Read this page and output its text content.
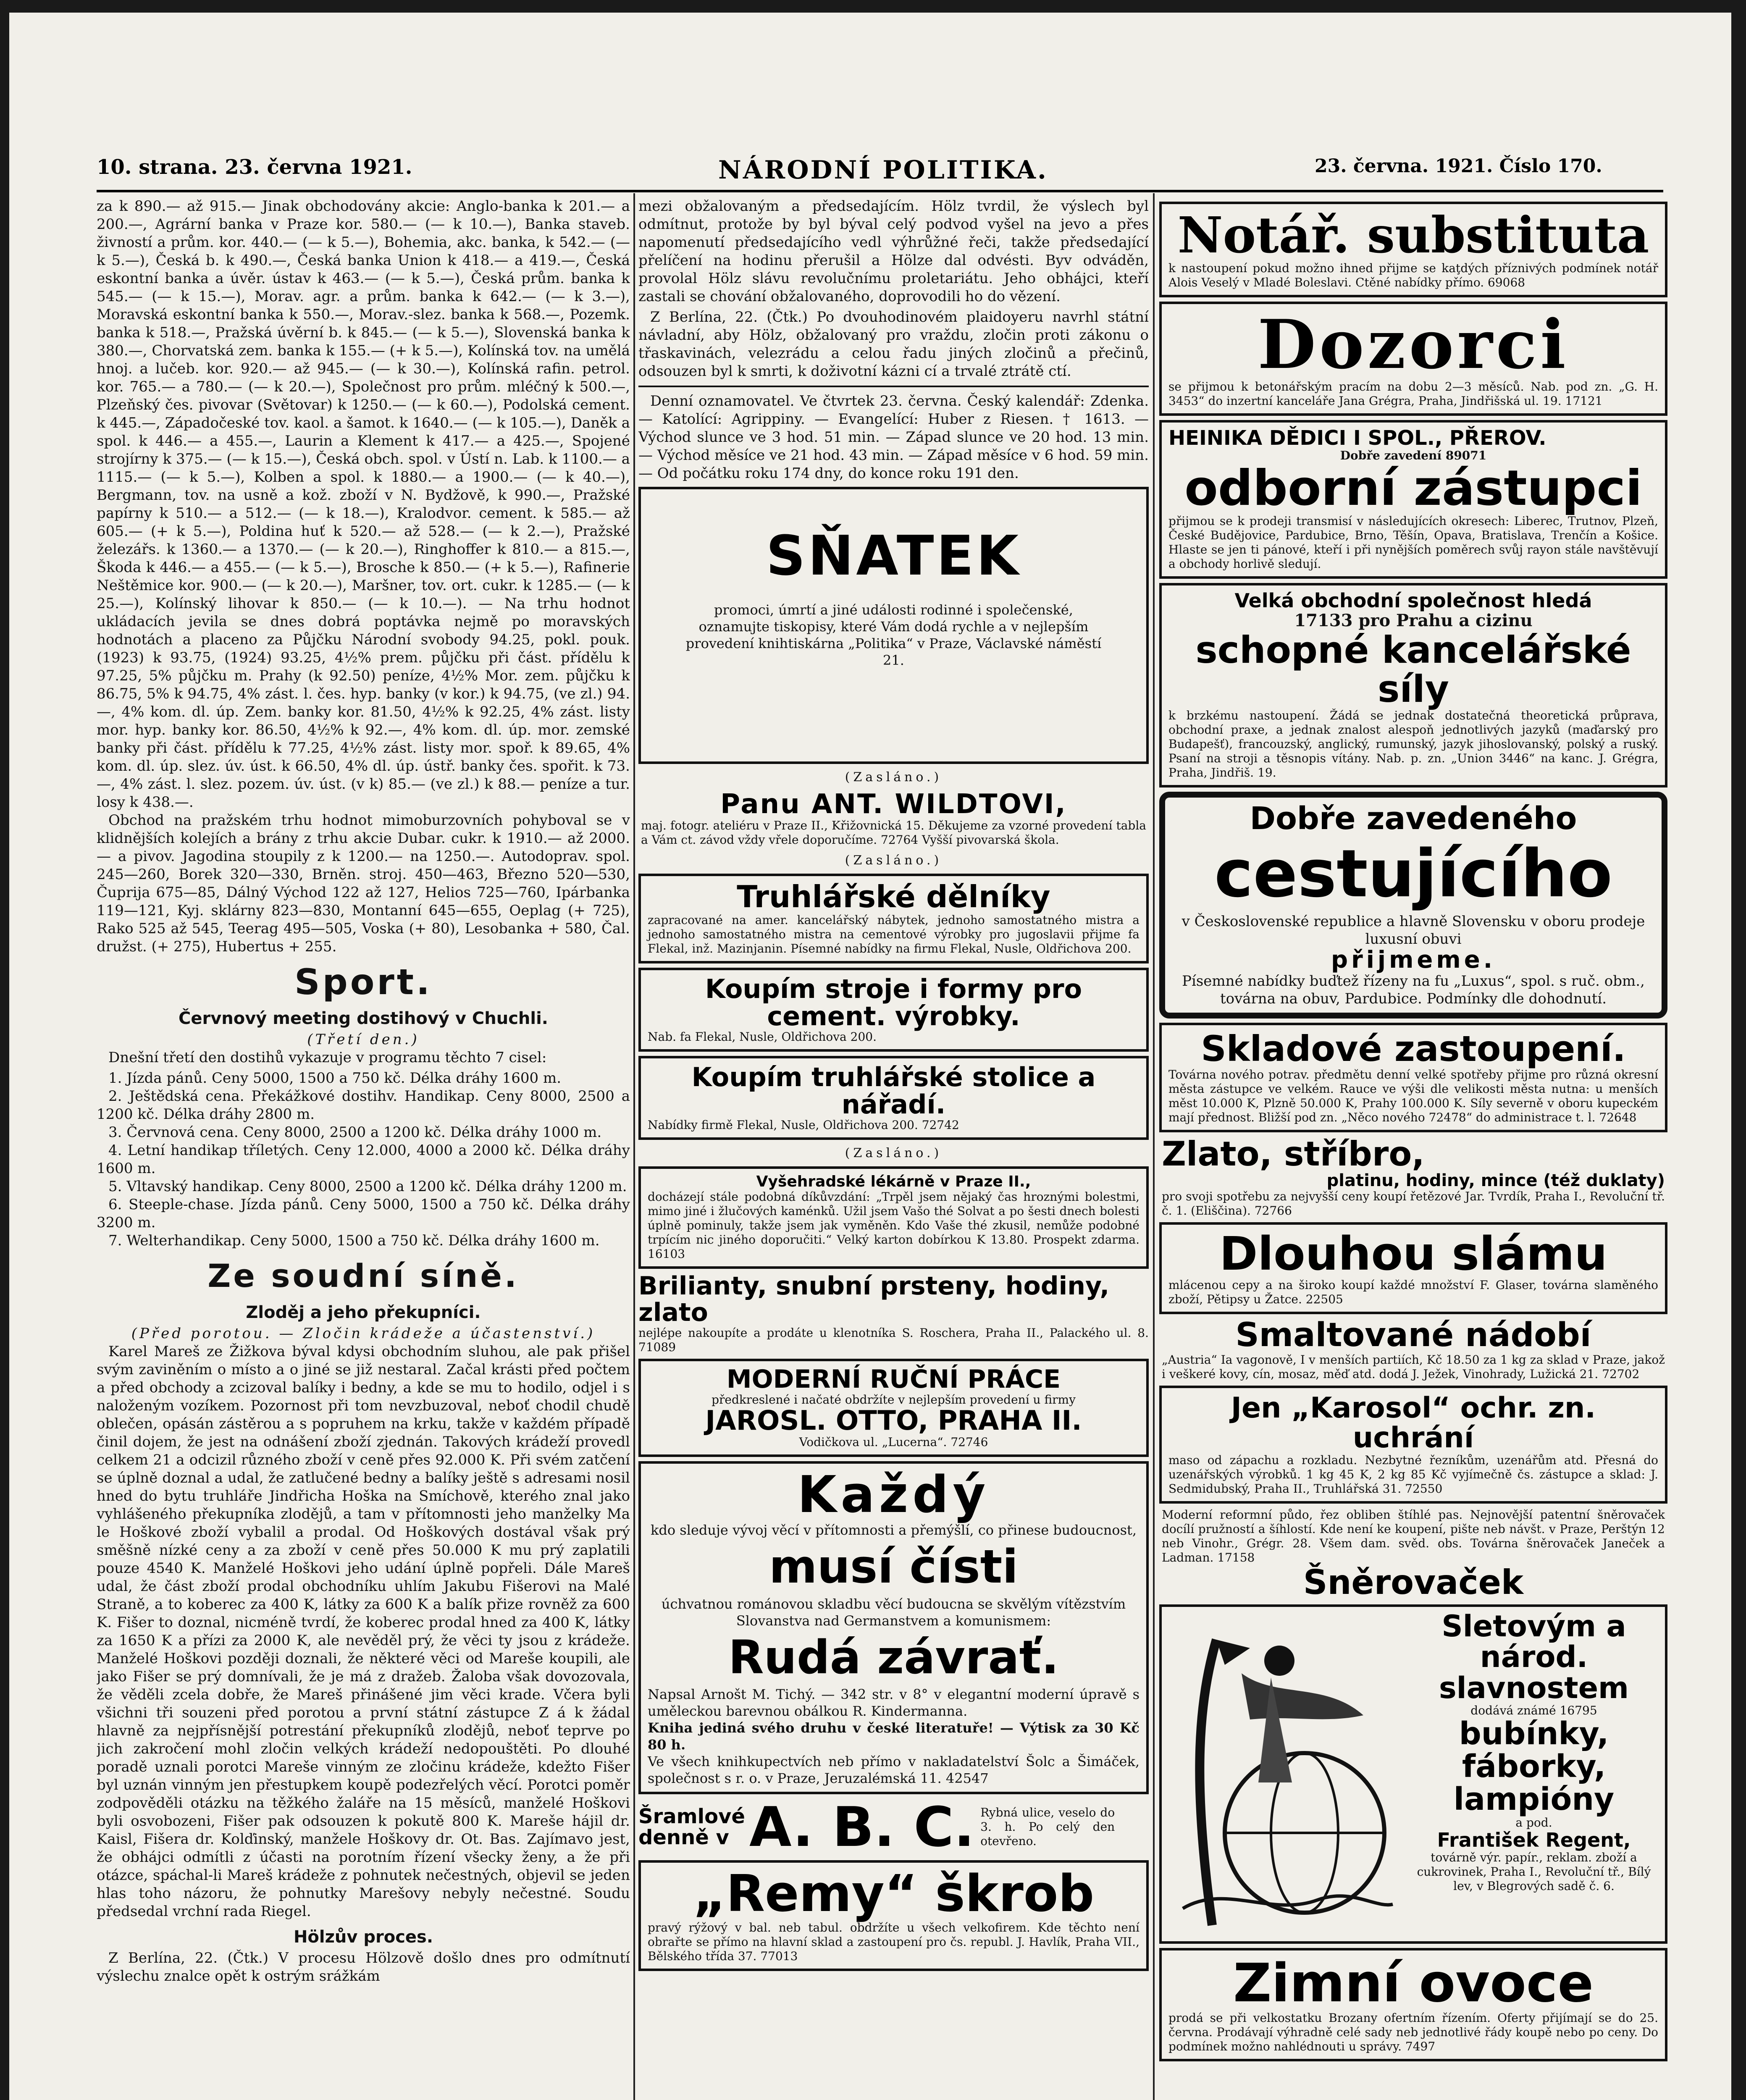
10. strana. 23. června 1921.	NÁRODNÍ POLITIKA.	23. června. 1921. Číslo 170.

za k 890.— až 915.— Jinak obchodovány akcie: Anglo-banka k 201.— a 200.—, Agrární banka v Praze kor. 580.— (— k 10.—), Banka staveb. živností a prům. kor. 440.— (— k 5.—), Bohemia, akc. banka, k 542.— (— k 5.—), Česká b. k 490.—, Česká banka Union k 418.— a 419.—, Česká eskontní banka a úvěr. ústav k 463.— (— k 5.—), Česká prům. banka k 545.— (— k 15.—), Morav. agr. a prům. banka k 642.— (— k 3.—), Moravská eskontní banka k 550.—, Morav.-slez. banka k 568.—, Pozemk. banka k 518.—, Pražská úvěrní b. k 845.— (— k 5.—), Slovenská banka k 380.—, Chorvatská zem. banka k 155.— (+ k 5.—), Kolínská tov. na umělá hnoj. a lučeb. kor. 920.— až 945.— (— k 30.—), Kolínská rafin. petrol. kor. 765.— a 780.— (— k 20.—), Společnost pro prům. mléčný k 500.—, Plzeňský čes. pivovar (Světovar) k 1250.— (— k 60.—), Podolská cement. k 445.—, Západočeské tov. kaol. a šamot. k 1640.— (— k 105.—), Daněk a spol. k 446.— a 455.—, Laurin a Klement k 417.— a 425.—, Spojené strojírny k 375.— (— k 15.—), Česká obch. spol. v Ústí n. Lab. k 1100.— a 1115.— (— k 5.—), Kolben a spol. k 1880.— a 1900.— (— k 40.—), Bergmann, tov. na usně a kož. zboží v N. Bydžově, k 990.—, Pražské papírny k 510.— a 512.— (— k 18.—), Kralodvor. cement. k 585.— až 605.— (+ k 5.—), Poldina huť k 520.— až 528.— (— k 2.—), Pražské železářs. k 1360.— a 1370.— (— k 20.—), Ringhoffer k 810.— a 815.—, Škoda k 446.— a 455.— (— k 5.—), Brosche k 850.— (+ k 5.—), Rafinerie Neštěmice kor. 900.— (— k 20.—), Maršner, tov. ort. cukr. k 1285.— (— k 25.—), Kolínský lihovar k 850.— (— k 10.—). — Na trhu hodnot ukládacích jevila se dnes dobrá poptávka nejmě po moravských hodnotách a placeno za Půjčku Národní svobody 94.25, pokl. pouk. (1923) k 93.75, (1924) 93.25, 4½% prem. půjčku při část. přídělu k 97.25, 5% půjčku m. Prahy (k 92.50) peníze, 4½% Mor. zem. půjčku k 86.75, 5% k 94.75, 4% zást. l. čes. hyp. banky (v kor.) k 94.75, (ve zl.) 94.—, 4% kom. dl. úp. Zem. banky kor. 81.50, 4½% k 92.25, 4% zást. listy mor. hyp. banky kor. 86.50, 4½% k 92.—, 4% kom. dl. úp. mor. zemské banky při část. přídělu k 77.25, 4½% zást. listy mor. spoř. k 89.65, 4% kom. dl. úp. slez. úv. úst. k 66.50, 4% dl. úp. ústř. banky čes. spořit. k 73.—, 4% zást. l. slez. pozem. úv. úst. (v k) 85.— (ve zl.) k 88.— peníze a tur. losy k 438.—.

Obchod na pražském trhu hodnot mimoburzovních pohyboval se v klidnějších kolejích a brány z trhu akcie Dubar. cukr. k 1910.— až 2000.— a pivov. Jagodina stoupily z k 1200.— na 1250.—. Autodoprav. spol. 245—260, Borek 320—330, Brněn. stroj. 450—463, Březno 520—530, Čuprija 675—85, Dálný Východ 122 až 127, Helios 725—760, Ipárbanka 119—121, Kyj. sklárny 823—830, Montanní 645—655, Oeplag (+ 725), Rako 525 až 545, Teerag 495—505, Voska (+ 80), Lesobanka + 580, Čal. družst. (+ 275), Hubertus + 255.

Sport.
Červnový meeting dostihový v Chuchli.

(Třetí den.)

Dnešní třetí den dostihů vykazuje v programu těchto 7 cisel:

1. Jízda pánů. Ceny 5000, 1500 a 750 kč. Délka dráhy 1600 m.

2. Ještědská cena. Překážkové dostihv. Handikap. Ceny 8000, 2500 a 1200 kč. Délka dráhy 2800 m.

3. Červnová cena. Ceny 8000, 2500 a 1200 kč. Délka dráhy 1000 m.

4. Letní handikap tříletých. Ceny 12.000, 4000 a 2000 kč. Délka dráhy 1600 m.

5. Vltavský handikap. Ceny 8000, 2500 a 1200 kč. Délka dráhy 1200 m.

6. Steeple-chase. Jízda pánů. Ceny 5000, 1500 a 750 kč. Délka dráhy 3200 m.

7. Welterhandikap. Ceny 5000, 1500 a 750 kč. Délka dráhy 1600 m.

Ze soudní síně.
Zloděj a jeho překupníci.

(Před porotou. — Zločin krádeže a účastenství.)

Karel Mareš ze Žižkova býval kdysi obchodním sluhou, ale pak přišel svým zaviněním o místo a o jiné se již nestaral. Začal krásti před počtem a před obchody a zcizoval balíky i bedny, a kde se mu to hodilo, odjel i s naloženým vozíkem. Pozornost při tom nevzbuzoval, neboť chodil chudě oblečen, opásán zástěrou a s popruhem na krku, takže v každém případě činil dojem, že jest na odnášení zboží zjednán. Takových krádeží provedl celkem 21 a odcizil různého zboží v ceně přes 92.000 K. Při svém zatčení se úplně doznal a udal, že zatlučené bedny a balíky ještě s adresami nosil hned do bytu truhláře Jindřicha Hoška na Smíchově, kterého znal jako vyhlášeného překupníka zlodějů, a tam v přítomnosti jeho manželky Ma le Hoškové zboží vybalil a prodal. Od Hoškových dostával však prý směšně nízké ceny a za zboží v ceně přes 50.000 K mu prý zaplatili pouze 4540 K. Manželé Hoškovi jeho udání úplně popřeli. Dále Mareš udal, že část zboží prodal obchodníku uhlím Jakubu Fišerovi na Malé Straně, a to koberec za 400 K, látky za 600 K a balík přize rovněž za 600 K. Fišer to doznal, nicméně tvrdí, že koberec prodal hned za 400 K, látky za 1650 K a přízi za 2000 K, ale nevěděl prý, že věci ty jsou z krádeže. Manželé Hoškovi později doznali, že některé věci od Mareše koupili, ale jako Fišer se prý domnívali, že je má z dražeb. Žaloba však dovozovala, že věděli zcela dobře, že Mareš přinášené jim věci krade. Včera byli všichni tři souzeni před porotou a první státní zástupce Z á k žádal hlavně za nejpřísnější potrestání překupníků zlodějů, neboť teprve po jich zakročení mohl zločin velkých krádeží nedopouštěti. Po dlouhé poradě uznali porotci Mareše vinným ze zločinu krádeže, kdežto Fišer byl uznán vinným jen přestupkem koupě podezřelých věcí. Porotci poměr zodpověděli otázku na těžkého žaláře na 15 měsíců, manželé Hoškovi byli osvobozeni, Fišer pak odsouzen k pokutě 800 K. Mareše hájil dr. Kaisl, Fišera dr. Kolďinský, manžele Hoškovy dr. Ot. Bas. Zajímavo jest, že obhájci odmítli z účasti na porotním řízení všecky ženy, a že při otázce, spáchal-li Mareš krádeže z pohnutek nečestných, objevil se jeden hlas toho názoru, že pohnutky Marešovy nebyly nečestné. Soudu předsedal vrchní rada Riegel.

Hölzův proces.

Z Berlína, 22. (Čtk.) V procesu Hölzově došlo dnes pro odmítnutí výslechu znalce opět k ostrým srážkám

mezi obžalovaným a předsedajícím. Hölz tvrdil, že výslech byl odmítnut, protože by byl býval celý podvod vyšel na jevo a přes napomenutí předsedajícího vedl výhrůžné řeči, takže předsedající přelíčení na hodinu přerušil a Hölze dal odvésti. Byv odváděn, provolal Hölz slávu revolučnímu proletariátu. Jeho obhájci, kteří zastali se chování obžalovaného, doprovodili ho do vězení.

Z Berlína, 22. (Čtk.) Po dvouhodinovém plaidoyeru navrhl státní návladní, aby Hölz, obžalovaný pro vraždu, zločin proti zákonu o třaskavinách, velezrádu a celou řadu jiných zločinů a přečinů, odsouzen byl k smrti, k doživotní kázni cí a trvalé ztrátě ctí.

Denní oznamovatel. Ve čtvrtek 23. června. Český kalendář: Zdenka. — Katolící: Agrippiny. — Evangelící: Huber z Riesen. † 1613. — Východ slunce ve 3 hod. 51 min. — Západ slunce ve 20 hod. 13 min. — Východ měsíce ve 21 hod. 43 min. — Západ měsíce v 6 hod. 59 min. — Od počátku roku 174 dny, do konce roku 191 den.

SŇATEK
promoci, úmrtí a jiné události rodinné i společenské, oznamujte tiskopisy, které Vám dodá rychle a v nejlepším provedení knihtiskárna „Politika“ v Praze, Václavské náměstí 21.
(Zasláno.)
Panu ANT. WILDTOVI,
maj. fotogr. ateliéru v Praze II., Křižovnická 15. Děkujeme za vzorné provedení tabla a Vám ct. závod vždy vřele doporučíme. 72764 Vyšší pivovarská škola.
(Zasláno.)
Truhlářské dělníky
zapracované na amer. kancelářský nábytek, jednoho samostatného mistra a jednoho samostatného mistra na cementové výrobky pro jugoslavii přijme fa Flekal, inž. Mazinjanin. Písemné nabídky na firmu Flekal, Nusle, Oldřichova 200.
Koupím stroje i formy pro cement. výrobky.
Nab. fa Flekal, Nusle, Oldřichova 200.
Koupím truhlářské stolice a nářadí.
Nabídky firmě Flekal, Nusle, Oldřichova 200. 72742
(Zasláno.)
Vyšehradské lékárně v Praze II.,
docházejí stále podobná díkůvzdání: „Trpěl jsem nějaký čas hroznými bolestmi, mimo jiné i žlučových kaménků. Užil jsem Vašo thé Solvat a po šesti dnech bolesti úplně pominuly, takže jsem jak vyměněn. Kdo Vaše thé zkusil, nemůže podobné trpícím nic jiného doporučiti.“ Velký karton dobírkou K 13.80. Prospekt zdarma. 16103
Brilianty, snubní prsteny, hodiny, zlato
nejlépe nakoupíte a prodáte u klenotníka S. Roschera, Praha II., Palackého ul. 8. 71089
MODERNÍ RUČNÍ PRÁCE
předkreslené i načaté obdržíte v nejlepším provedení u firmy
JAROSL. OTTO, PRAHA II.
Vodičkova ul. „Lucerna“. 72746
Každý
kdo sleduje vývoj věcí v přítomnosti a přemýšlí, co přinese budoucnost,
musí čísti
úchvatnou románovou skladbu věcí budoucna se skvělým vítězstvím Slovanstva nad Germanstvem a komunismem:
Rudá závrať.
Napsal Arnošt M. Tichý. — 342 str. v 8° v elegantní moderní úpravě s uměleckou barevnou obálkou R. Kindermanna.
Kniha jediná svého druhu v české literatuře! — Výtisk za 30 Kč 80 h.
Ve všech knihkupectvích neb přímo v nakladatelství Šolc a Šimáček, společnost s r. o. v Praze, Jeruzalémská 11. 42547
Šramlové denně v A. B. C. Rybná ulice, veselo do 3. h. Po celý den otevřeno.
„Remy“ škrob
pravý rýžový v bal. neb tabul. obdržíte u všech velkofirem. Kde těchto není obrařte se přímo na hlavní sklad a zastoupení pro čs. republ. J. Havlík, Praha VII., Bělského třída 37. 77013
Notář. substituta
k nastoupení pokud možno ihned přijme se kaţdých příznivých podmínek notář Alois Veselý v Mladé Boleslavi. Ctěné nabídky přímo. 69068
Dozorci
se přijmou k betonářským pracím na dobu 2—3 měsíců. Nab. pod zn. „G. H. 3453“ do inzertní kanceláře Jana Grégra, Praha, Jindřišská ul. 19. 17121
HEINIKA DĚDICI I SPOL., PŘEROV.
Dobře zavedení 89071
odborní zástupci
přijmou se k prodeji transmisí v následujících okresech: Liberec, Trutnov, Plzeň, České Budějovice, Pardubice, Brno, Těšín, Opava, Bratislava, Trenčín a Košice. Hlaste se jen ti pánové, kteří i při nynějších poměrech svůj rayon stále navštěvují a obchody horlivě sledují.
Velká obchodní společnost hledá
17133 pro Prahu a cizinu
schopné kancelářské síly
k brzkému nastoupení. Žádá se jednak dostatečná theoretická průprava, obchodní praxe, a jednak znalost alespoň jednotlivých jazyků (maďarský pro Budapešť), francouzský, anglický, rumunský, jazyk jihoslovanský, polský a ruský. Psaní na stroji a těsnopis vítány. Nab. p. zn. „Union 3446“ na kanc. J. Grégra, Praha, Jindřiš. 19.
Dobře zavedeného
cestujícího
v Československé republice a hlavně Slovensku v oboru prodeje luxusní obuvi
přijmeme.
Písemné nabídky buďtež řízeny na fu „Luxus“, spol. s ruč. obm., továrna na obuv, Pardubice. Podmínky dle dohodnutí.
Skladové zastoupení.
Továrna nového potrav. předmětu denní velké spotřeby přijme pro různá okresní města zástupce ve velkém. Rauce ve výši dle velikosti města nutna: u menších měst 10.000 K, Plzně 50.000 K, Prahy 100.000 K. Síly severně v oboru kupeckém mají přednost. Bližší pod zn. „Něco nového 72478“ do administrace t. l. 72648
Zlato, stříbro,
platinu, hodiny, mince (též duklaty)
pro svoji spotřebu za nejvyšší ceny koupí řetězové Jar. Tvrdík, Praha I., Revoluční tř. č. 1. (Eliščina). 72766
Dlouhou slámu
mlácenou cepy a na široko koupí každé množství F. Glaser, továrna slaměného zboží, Pětipsy u Žatce. 22505
Smaltované nádobí
„Austria“ Ia vagonově, I v menších partiích, Kč 18.50 za 1 kg za sklad v Praze, jakož i veškeré kovy, cín, mosaz, měď atd. dodá J. Ježek, Vinohrady, Lužická 21. 72702
Jen „Karosol“ ochr. zn. uchrání
maso od zápachu a rozkladu. Nezbytné řezníkům, uzenářům atd. Přesná do uzenářských výrobků. 1 kg 45 K, 2 kg 85 Kč vyjímečně čs. zástupce a sklad: J. Sedmidubský, Praha II., Truhlářská 31. 72550
Moderní reformní půdo, řez obliben štíhlé pas. Nejnovější patentní šněrovaček docílí pružností a šíhlostí. Kde není ke koupení, pište neb návšt. v Praze, Perštýn 12 neb Vinohr., Grégr. 28. Všem dam. svěd. obs. Továrna šněrovaček Janeček a Ladman. 17158
Šněrovaček
Sletovým a národ. slavnostem
dodává známé 16795
bubínky, fáborky, lampióny
a pod.
František Regent,
továrně výr. papír., reklam. zboží a cukrovinek, Praha I., Revoluční tř., Bílý lev, v Blegrových sadě č. 6.
Zimní ovoce
prodá se při velkostatku Brozany ofertním řízením. Oferty přijímají se do 25. června. Prodávají výhradně celé sady neb jednotlivé řády koupě nebo po ceny. Do podmínek možno nahlédnouti u správy. 7497
